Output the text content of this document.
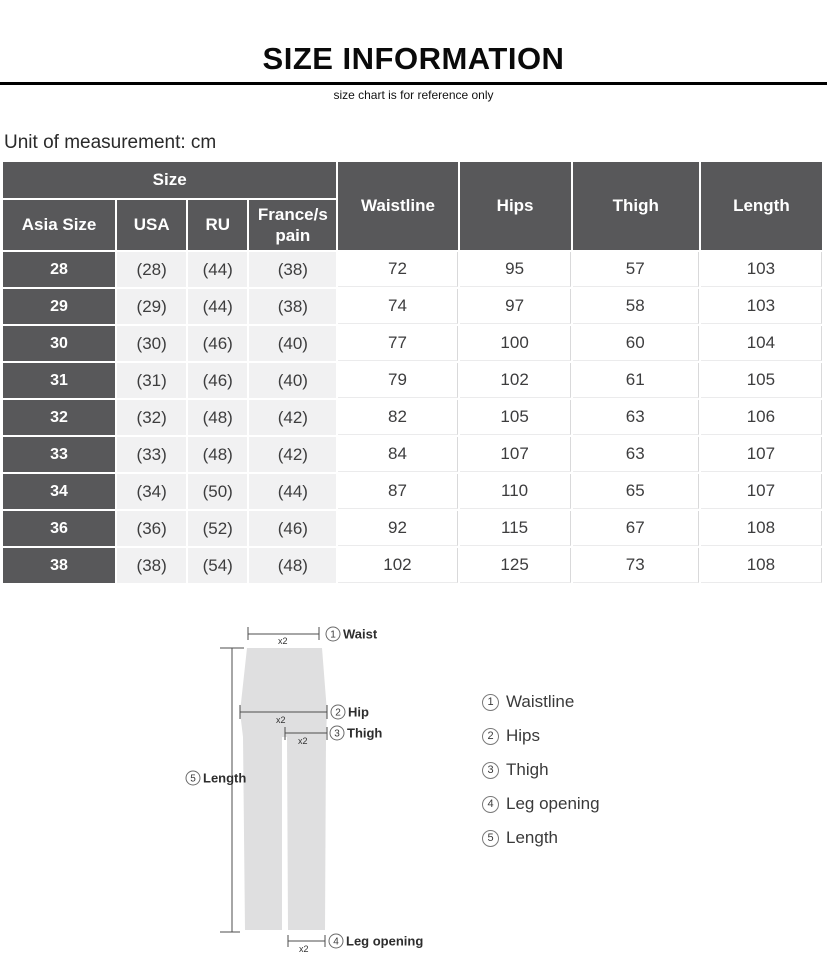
SIZE INFORMATION
size chart is for reference only
Unit of measurement: cm
Size				Waistline	Hips	Thigh	Length
Asia Size	USA	RU	France/s pain				
28	(28)	(44)	(38)	72	95	57	103
29	(29)	(44)	(38)	74	97	58	103
30	(30)	(46)	(40)	77	100	60	104
31	(31)	(46)	(40)	79	102	61	105
32	(32)	(48)	(42)	82	105	63	106
33	(33)	(48)	(42)	84	107	63	107
34	(34)	(50)	(44)	87	110	65	107
36	(36)	(52)	(46)	92	115	67	108
38	(38)	(54)	(48)	102	125	73	108
x2
x2
x2
x2
1 Waist
2 Hip
3 Thigh
4 Leg opening
5 Length
1 Waistline
2 Hips
3 Thigh
4 Leg opening
5 Length
